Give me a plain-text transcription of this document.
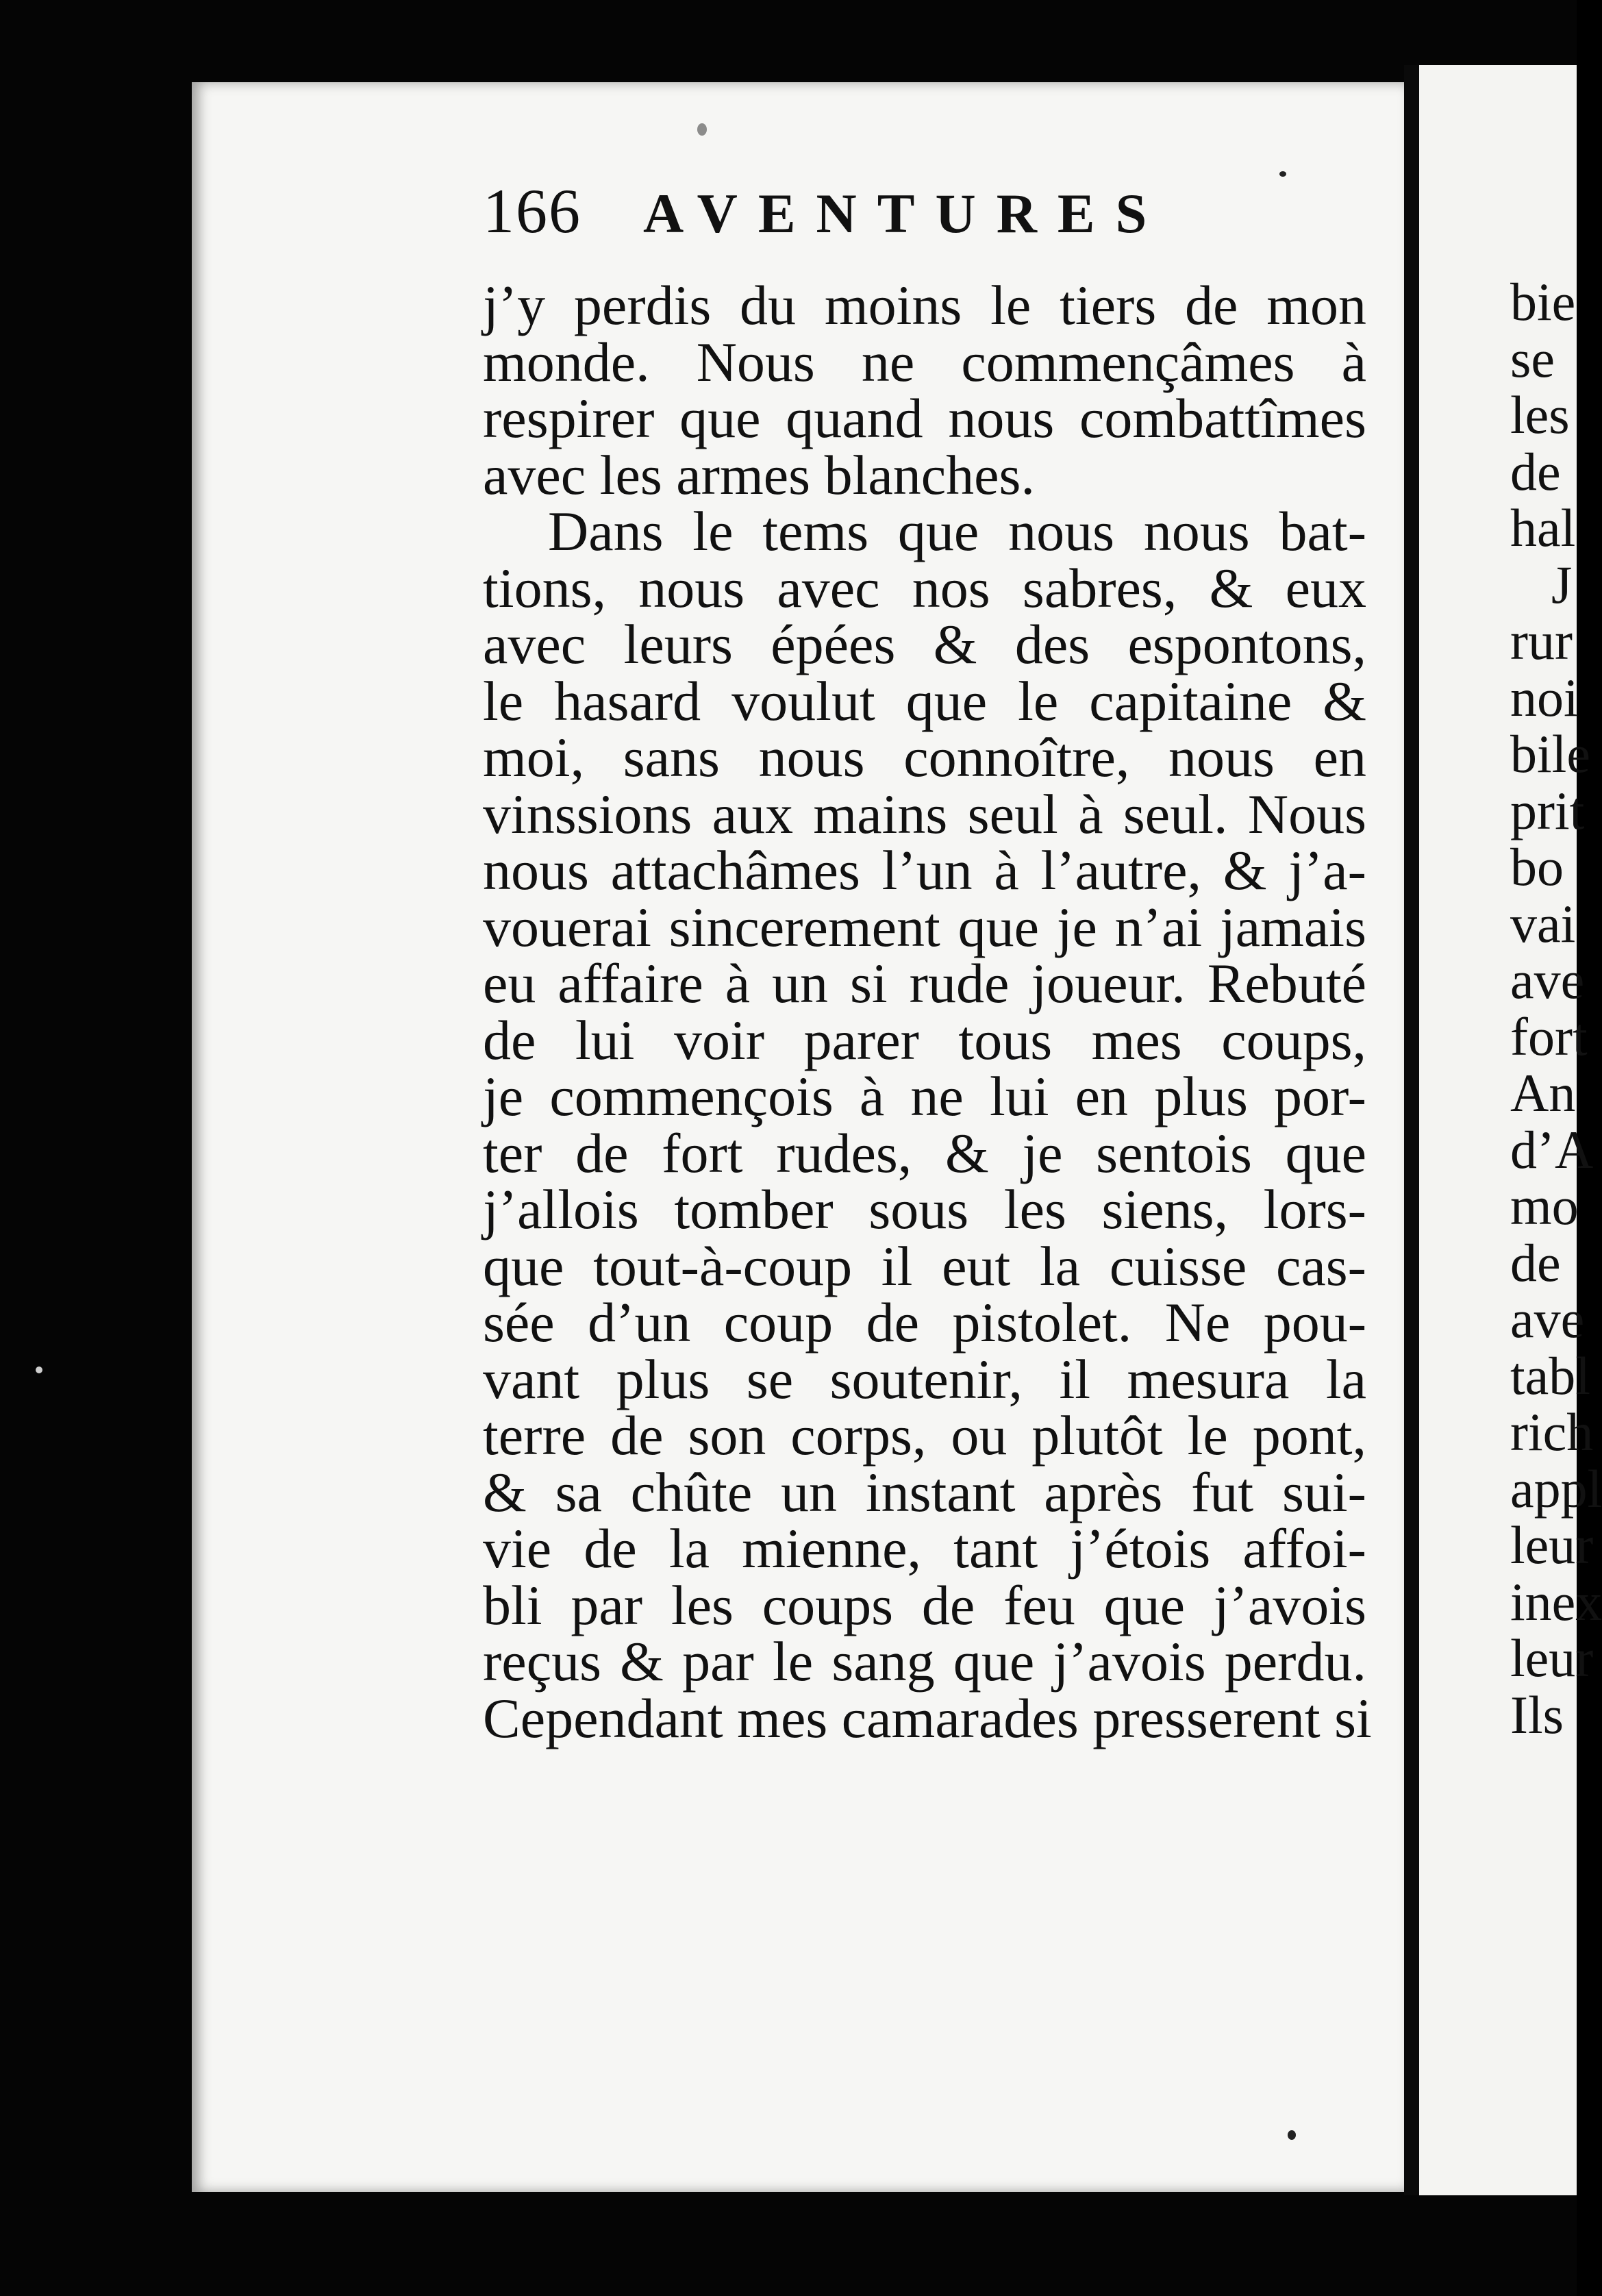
166 AVENTURES
j’y perdis du moins le tiers de mon
monde. Nous ne commençâmes à
respirer que quand nous combattîmes
avec les armes blanches.
Dans le tems que nous nous bat-
tions, nous avec nos sabres, & eux
avec leurs épées & des espontons,
le hasard voulut que le capitaine &
moi, sans nous connoître, nous en
vinssions aux mains seul à seul. Nous
nous attachâmes l’un à l’autre, & j’a-
vouerai sincerement que je n’ai jamais
eu affaire à un si rude joueur. Rebuté
de lui voir parer tous mes coups,
je commençois à ne lui en plus por-
ter de fort rudes, & je sentois que
j’allois tomber sous les siens, lors-
que tout-à-coup il eut la cuisse cas-
sée d’un coup de pistolet. Ne pou-
vant plus se soutenir, il mesura la
terre de son corps, ou plutôt le pont,
& sa chûte un instant après fut sui-
vie de la mienne, tant j’étois affoi-
bli par les coups de feu que j’avois
reçus & par le sang que j’avois perdu.
Cependant mes camarades presserent si
bie
se
les
de
hal
J
rur
noi
bile
prit
bo
vai
ave
fort
An
d’A
mo
de
ave
tabl
rich
appl
leur
inex
leur
Ils
